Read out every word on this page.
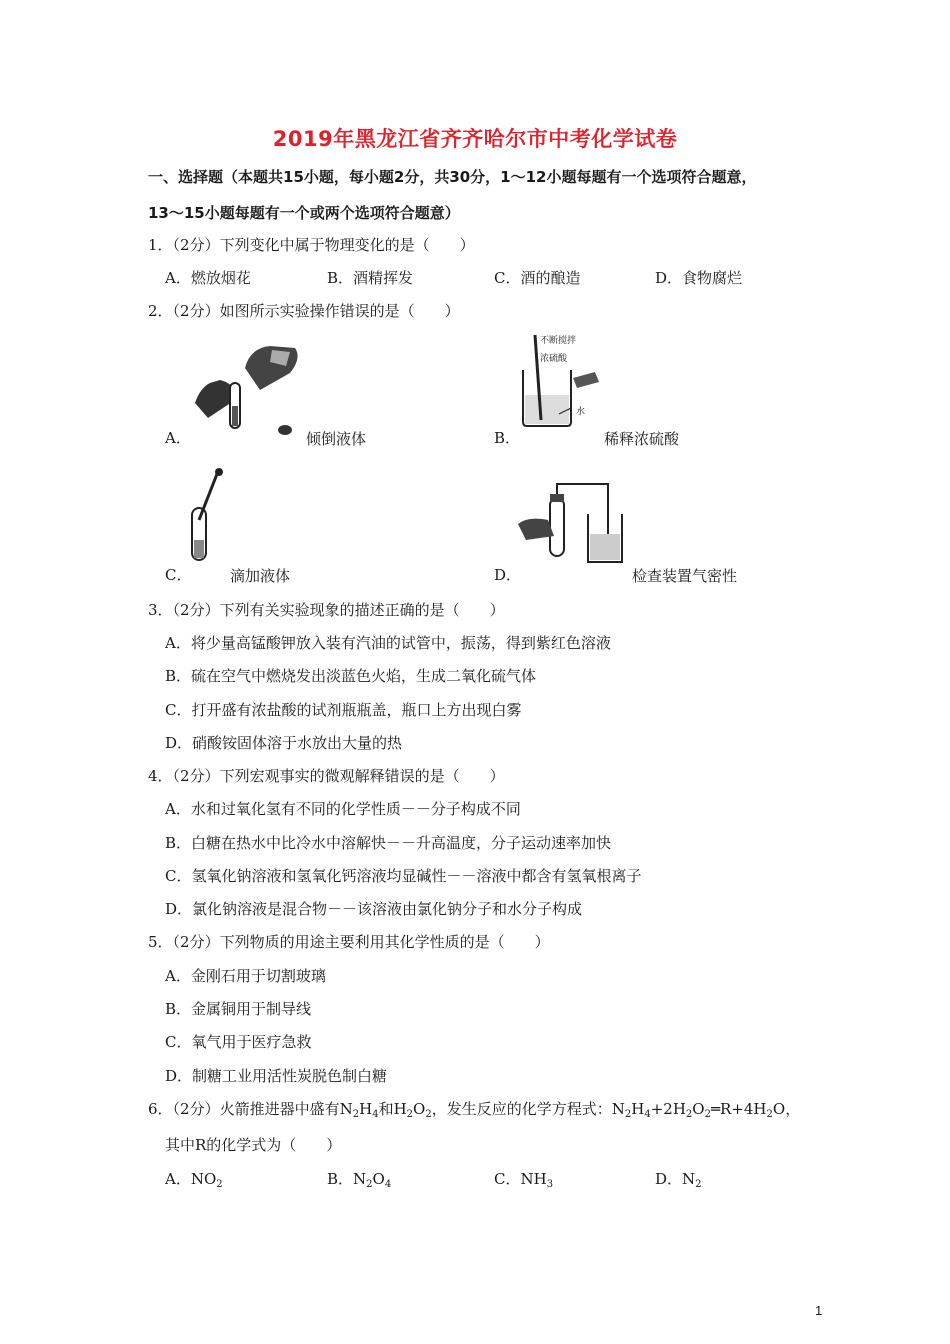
2019年黑龙江省齐齐哈尔市中考化学试卷
一、选择题（本题共15小题，每小题2分，共30分，1～12小题每题有一个选项符合题意，
13～15小题每题有一个或两个选项符合题意）
1．（2分）下列变化中属于物理变化的是（　　）
A．燃放烟花	B．酒精挥发	C．酒的酿造	D．食物腐烂
2．（2分）如图所示实验操作错误的是（　　）
A．	倾倒液体	B．
不断搅拌
浓硫酸
水
稀释浓硫酸
C．	滴加液体	D．	检查装置气密性
3．（2分）下列有关实验现象的描述正确的是（　　）
A．将少量高锰酸钾放入装有汽油的试管中，振荡，得到紫红色溶液
B．硫在空气中燃烧发出淡蓝色火焰，生成二氧化硫气体
C．打开盛有浓盐酸的试剂瓶瓶盖，瓶口上方出现白雾
D．硝酸铵固体溶于水放出大量的热
4．（2分）下列宏观事实的微观解释错误的是（　　）
A．水和过氧化氢有不同的化学性质－－分子构成不同
B．白糖在热水中比冷水中溶解快－－升高温度，分子运动速率加快
C．氢氧化钠溶液和氢氧化钙溶液均显碱性－－溶液中都含有氢氧根离子
D．氯化钠溶液是混合物－－该溶液由氯化钠分子和水分子构成
5．（2分）下列物质的用途主要利用其化学性质的是（　　）
A．金刚石用于切割玻璃
B．金属铜用于制导线
C．氧气用于医疗急救
D．制糖工业用活性炭脱色制白糖
6．（2分）火箭推进器中盛有$N_2H_4$和$H_2O_2$，发生反应的化学方程式：$N_2H_4+2H_2O_2═R+4H_2O$，
其中R的化学式为（　　）
A．$NO_2$	B．$N_2O_4$	C．$NH_3$	D．$N_2$
1
